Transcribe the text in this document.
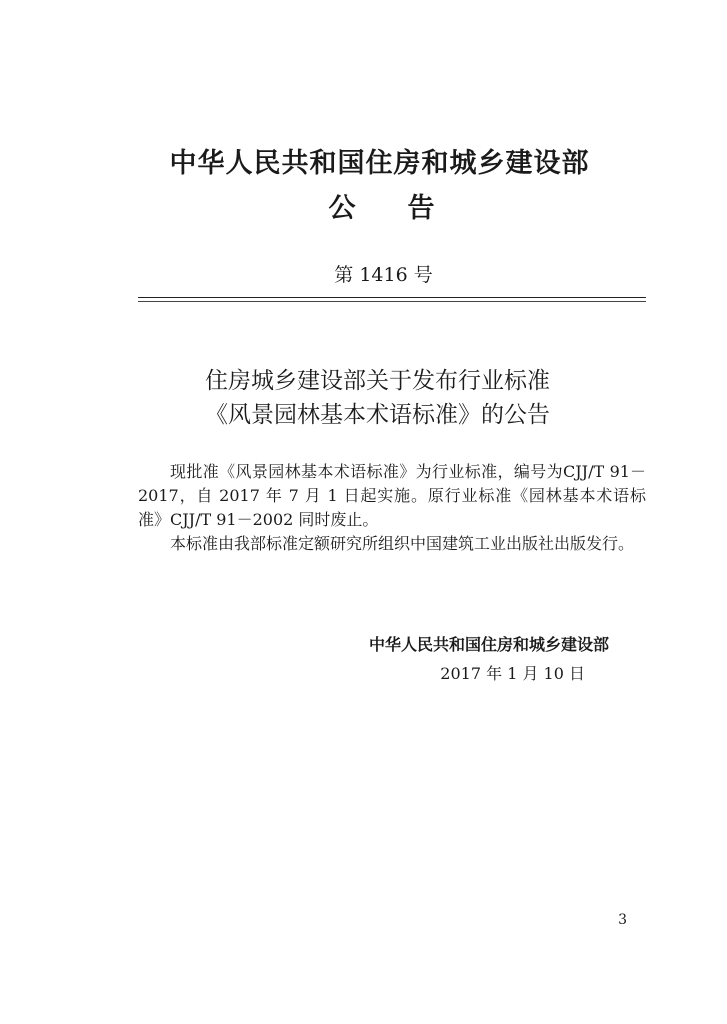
中华人民共和国住房和城乡建设部
公告
第 1416 号
住房城乡建设部关于发布行业标准
《风景园林基本术语标准》的公告

现批准《风景园林基本术语标准》为行业标准，编号为CJJ/T 91－2017，自 2017 年 7 月 1 日起实施。原行业标准《园林基本术语标准》CJJ/T 91－2002 同时废止。

本标准由我部标准定额研究所组织中国建筑工业出版社出版发行。

中华人民共和国住房和城乡建设部
2017 年 1 月 10 日
3
